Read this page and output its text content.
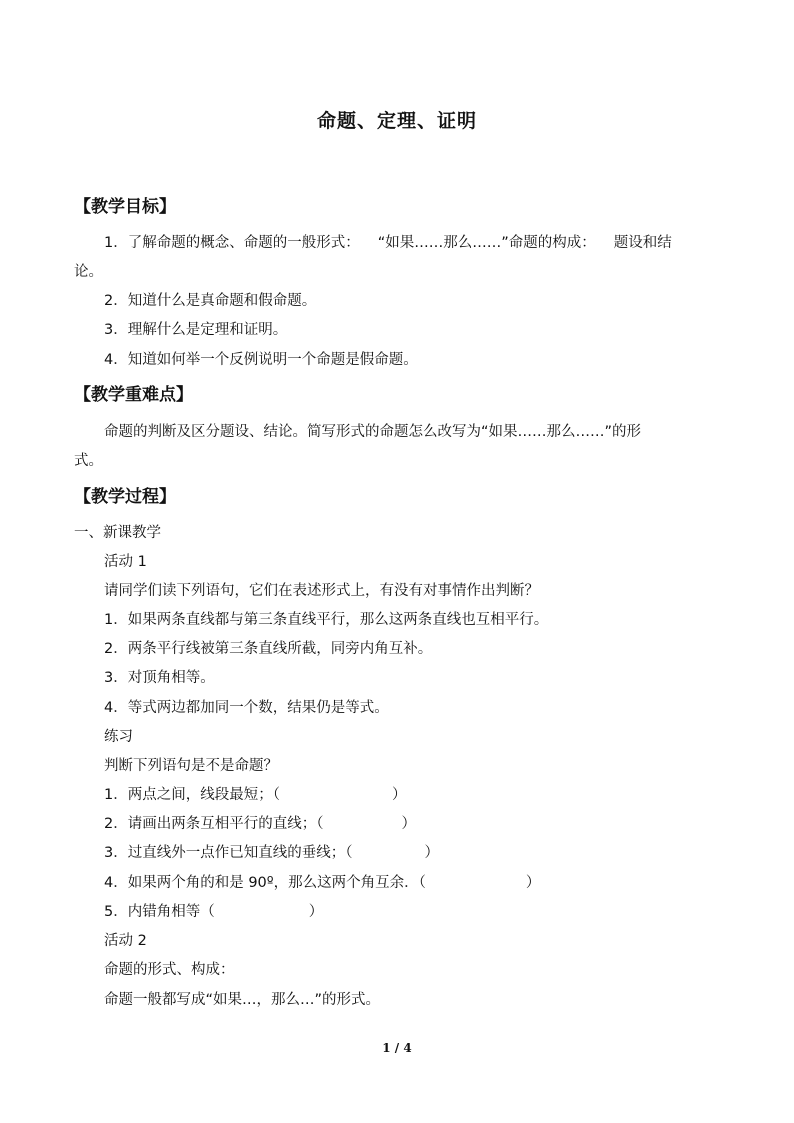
命题、定理、证明
【教学目标】

1．了解命题的概念、命题的一般形式： “如果……那么……”命题的构成： 题设和结

论。

2．知道什么是真命题和假命题。

3．理解什么是定理和证明。

4．知道如何举一个反例说明一个命题是假命题。

【教学重难点】

命题的判断及区分题设、结论。简写形式的命题怎么改写为“如果……那么……”的形

式。

【教学过程】

一、新课教学

活动 1

请同学们读下列语句，它们在表述形式上，有没有对事情作出判断？

1．如果两条直线都与第三条直线平行，那么这两条直线也互相平行。

2．两条平行线被第三条直线所截，同旁内角互补。

3．对顶角相等。

4．等式两边都加同一个数，结果仍是等式。

练习

判断下列语句是不是命题？

1．两点之间，线段最短；（	）

2．请画出两条互相平行的直线；（	）

3．过直线外一点作已知直线的垂线；（	）

4．如果两个角的和是 90º，那么这两个角互余．（	）

5．内错角相等（	）

活动 2

命题的形式、构成：

命题一般都写成“如果…，那么…”的形式。

1 / 4
